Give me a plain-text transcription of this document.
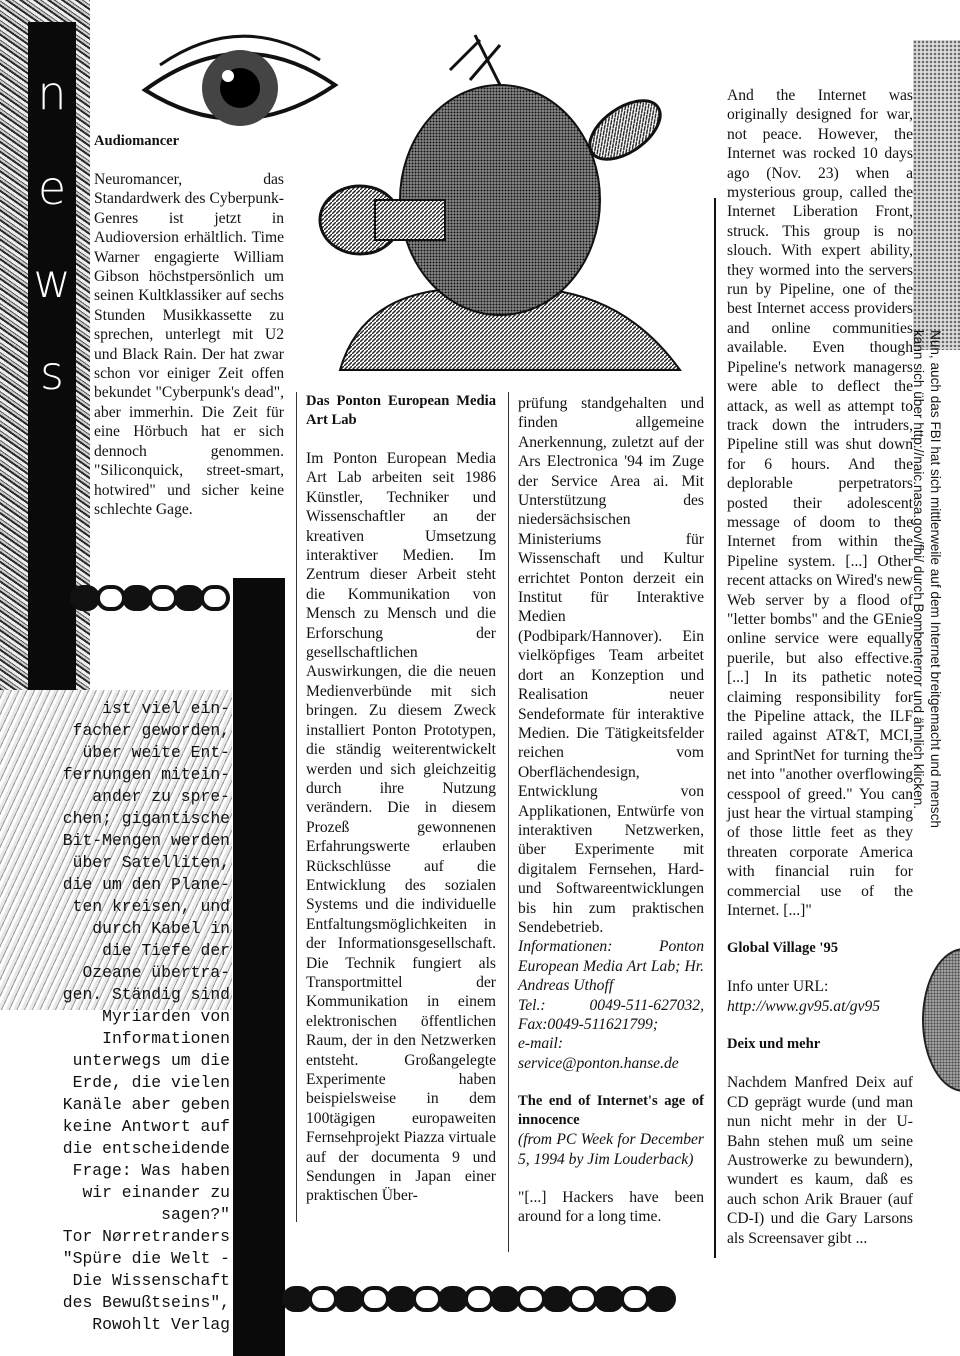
n
e
w
s	Nun, auch das FBI hat sich mittlerweile auf dem Internet breitgemacht und mensch
kann sich über http://naic.nasa.gov/fbi/ durch Bombenterror und ähnlich klicken.

Audiomancer

Neuromancer, das Standardwerk des Cyberpunk-Genres ist jetzt in Audioversion erhältlich. Time Warner engagierte William Gibson höchstpersönlich um seinen Kultklassiker auf sechs Stunden Musikkassette zu sprechen, unterlegt mit U2 und Black Rain. Der hat zwar schon vor einiger Zeit offen bekundet "Cyberpunk's dead", aber immerhin. Die Zeit für eine Hörbuch hat er sich dennoch genommen. "Siliconquick, street-smart, hotwired" und sicher keine schlechte Gage.

ist viel ein-

facher geworden,

über weite Ent-

fernungen mitein-

ander zu spre-

chen; gigantische

Bit-Mengen werden

über Satelliten,

die um den Plane-

ten kreisen, und

durch Kabel in

die Tiefe der

Ozeane übertra-

gen. Ständig sind

Myriarden von

Informationen

unterwegs um die

Erde, die vielen

Kanäle aber geben

keine Antwort auf

die entscheidende

Frage: Was haben

wir einander zu

sagen?"

Tor Nørretranders

"Spüre die Welt -

Die Wissenschaft

des Bewußtseins",

Rowohlt Verlag

Das Ponton European Media Art Lab

Im Ponton European Media Art Lab arbeiten seit 1986 Künstler, Techniker und Wissenschaftler an der kreativen Umsetzung interaktiver Medien. Im Zentrum dieser Arbeit steht die Kommunikation von Mensch zu Mensch und die Erforschung der gesellschaftlichen Auswirkungen, die die neuen Medienverbünde mit sich bringen. Zu diesem Zweck installiert Ponton Prototypen, die ständig weiterentwickelt werden und sich gleichzeitig durch ihre Nutzung verändern. Die in diesem Prozeß gewonnenen Erfahrungswerte erlauben Rückschlüsse auf die Entwicklung des sozialen Systems und die individuelle Entfaltungsmöglichkeiten in der Informationsgesellschaft. Die Technik fungiert als Transportmittel der Kommunikation in einem elektronischen öffentlichen Raum, der in den Netzwerken entsteht. Großangelegte Experimente haben beispielsweise in dem 100tägigen europaweiten Fernsehprojekt Piazza virtuale auf der documenta 9 und Sendungen in Japan einer praktischen Über-

prüfung standgehalten und finden allgemeine Anerkennung, zuletzt auf der Ars Electronica '94 im Zuge der Service Area ai. Mit Unterstützung des niedersächsischen Ministeriums für Wissenschaft und Kultur errichtet Ponton derzeit ein Institut für Interaktive Medien (Podbipark/Hannover). Ein vielköpfiges Team arbeitet dort an Konzeption und Realisation neuer Sendeformate für interaktive Medien. Die Tätigkeitsfelder reichen vom Oberflächendesign, Entwicklung von Applikationen, Entwürfe von interaktiven Netzwerken, über Experimente mit digitalem Fernsehen, Hard- und Softwareentwicklungen bis hin zum praktischen Sendebetrieb.

Informationen: Ponton European Media Art Lab; Hr. Andreas Uthoff

Tel.: 0049-511-627032, Fax:0049-511621799;

e-mail:

service@ponton.hanse.de

The end of Internet's age of innocence

(from PC Week for December 5, 1994 by Jim Louderback)

"[...] Hackers have been around for a long time.

And the Internet was originally designed for war, not peace. However, the Internet was rocked 10 days ago (Nov. 23) when a mysterious group, called the Internet Liberation Front, struck. This group is no slouch. With expert ability, they wormed into the servers run by Pipeline, one of the best Internet access providers and online communities available. Even though Pipeline's network managers were able to deflect the attack, as well as attempt to track down the intruders, Pipeline still was shut down for 6 hours. And the deplorable perpetrators posted their adolescent message of doom to the Internet from within the Pipeline system. [...] Other recent attacks on Wired's new Web server by a flood of "letter bombs" and the GEnie online service were equally puerile, but also effective. [...] In its pathetic note claiming responsibility for the Pipeline attack, the ILF railed against AT&T, MCI, and SprintNet for turning the net into "another overflowing cesspool of greed." You can just hear the virtual stamping of those little feet as they threaten corporate America with financial ruin for commercial use of the Internet. [...]"

Global Village '95

Info unter URL:

http://www.gv95.at/gv95

Deix und mehr

Nachdem Manfred Deix auf CD geprägt wurde (und man nun nicht mehr in der U-Bahn stehen muß um seine Austrowerke zu bewundern), wundert es kaum, daß es auch schon Arik Brauer (auf CD-I) und die Gary Larsons als Screensaver gibt ...
